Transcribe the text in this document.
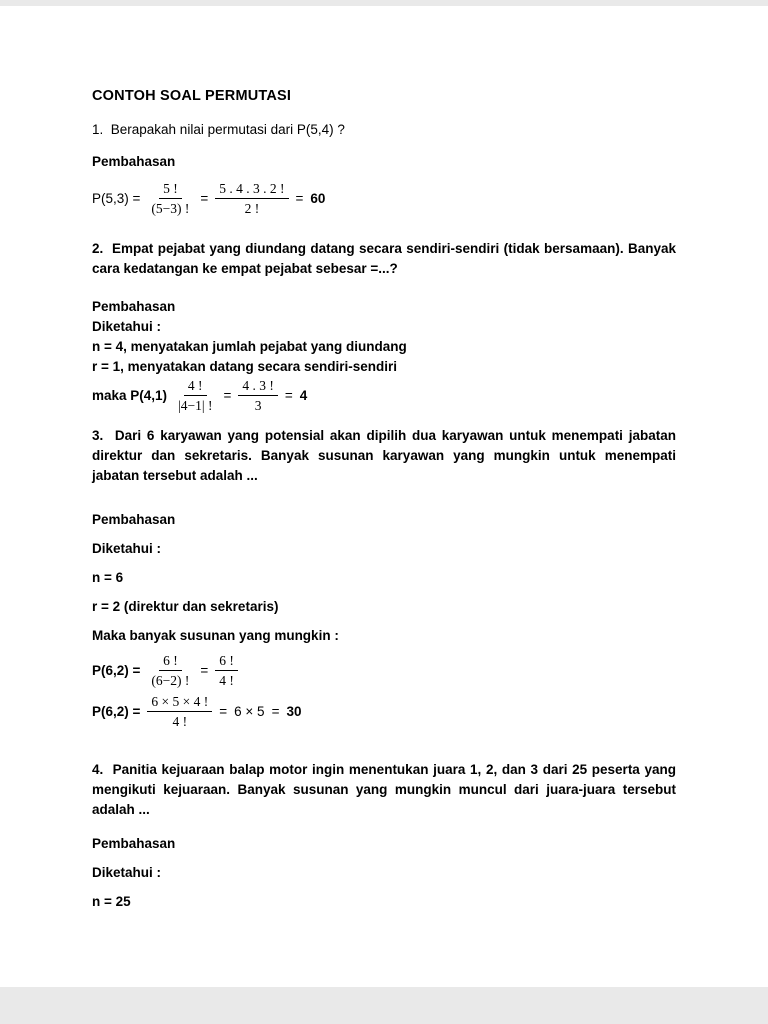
CONTOH SOAL PERMUTASI

1.  Berapakah nilai permutasi dari P(5,4) ?

Pembahasan

$P(5,3) = \frac{5 !}{(5-3) !} = \frac{5 . 4 . 3 . 2 !}{2 !} = 60$

2.  Empat pejabat yang diundang datang secara sendiri-sendiri (tidak bersamaan). Banyak cara kedatangan ke empat pejabat sebesar =...?

Pembahasan

Diketahui :

n = 4, menyatakan jumlah pejabat yang diundang

r = 1, menyatakan datang secara sendiri-sendiri

maka $P(4,1) \frac{4 !}{|4-1| !} = \frac{4 . 3 !}{3} = 4$

3.  Dari 6 karyawan yang potensial akan dipilih dua karyawan untuk menempati jabatan direktur dan sekretaris. Banyak susunan karyawan yang mungkin untuk menempati jabatan tersebut adalah ...

Pembahasan

Diketahui :

n = 6

r = 2 (direktur dan sekretaris)

Maka banyak susunan yang mungkin :

$P(6,2) = \frac{6 !}{(6-2) !} = \frac{6 !}{4 !}$
$P(6,2) = \frac{6 \times 5 \times 4 !}{4 !} = 6 \times 5 = 30$

4.  Panitia kejuaraan balap motor ingin menentukan juara 1, 2, dan 3 dari 25 peserta yang mengikuti kejuaraan. Banyak susunan yang mungkin muncul dari juara-juara tersebut adalah ...

Pembahasan

Diketahui :

n = 25
